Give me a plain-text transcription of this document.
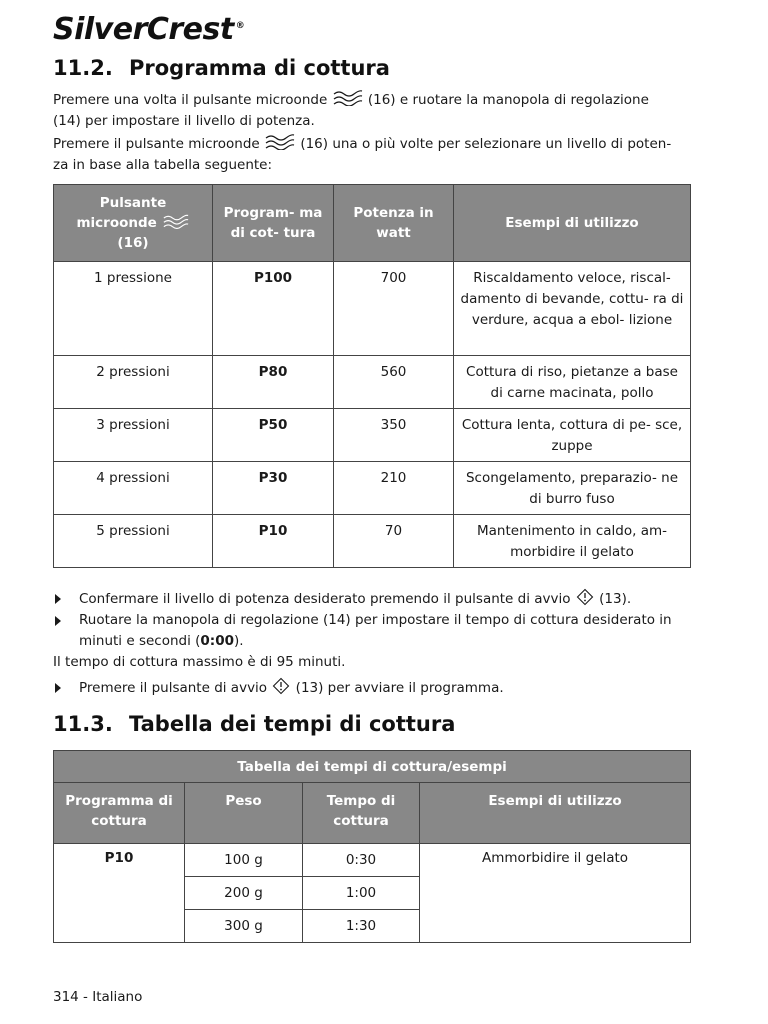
SilverCrest ®
11.2. Programma di cottura

Premere una volta il pulsante microonde	(16) e ruotare la manopola di regolazione
(14) per impostare il livello di potenza.

Premere il pulsante microonde	(16) una o più volte per selezionare un livello di poten-
za in base alla tabella seguente:

Pulsante
microonde
(16)	Program- ma di cot- tura	Potenza in watt	Esempi di utilizzo
1 pressione	P100	700	Riscaldamento veloce, riscal- damento di bevande, cottu- ra di verdure, acqua a ebol- lizione
2 pressioni	P80	560	Cottura di riso, pietanze a base di carne macinata, pollo
3 pressioni	P50	350	Cottura lenta, cottura di pe- sce, zuppe
4 pressioni	P30	210	Scongelamento, preparazio- ne di burro fuso
5 pressioni	P10	70	Mantenimento in caldo, am- morbidire il gelato
Confermare il livello di potenza desiderato premendo il pulsante di avvio (13).
Ruotare la manopola di regolazione (14) per impostare il tempo di cottura desiderato in minuti e secondi (0:00).
Il tempo di cottura massimo è di 95 minuti.
Premere il pulsante di avvio (13) per avviare il programma.
11.3. Tabella dei tempi di cottura
Tabella dei tempi di cottura/esempi			
Programma di cottura	Peso	Tempo di cottura	Esempi di utilizzo
P10	100 g	0:30	Ammorbidire il gelato
	200 g	1:00	
	300 g	1:30	
314 - Italiano
